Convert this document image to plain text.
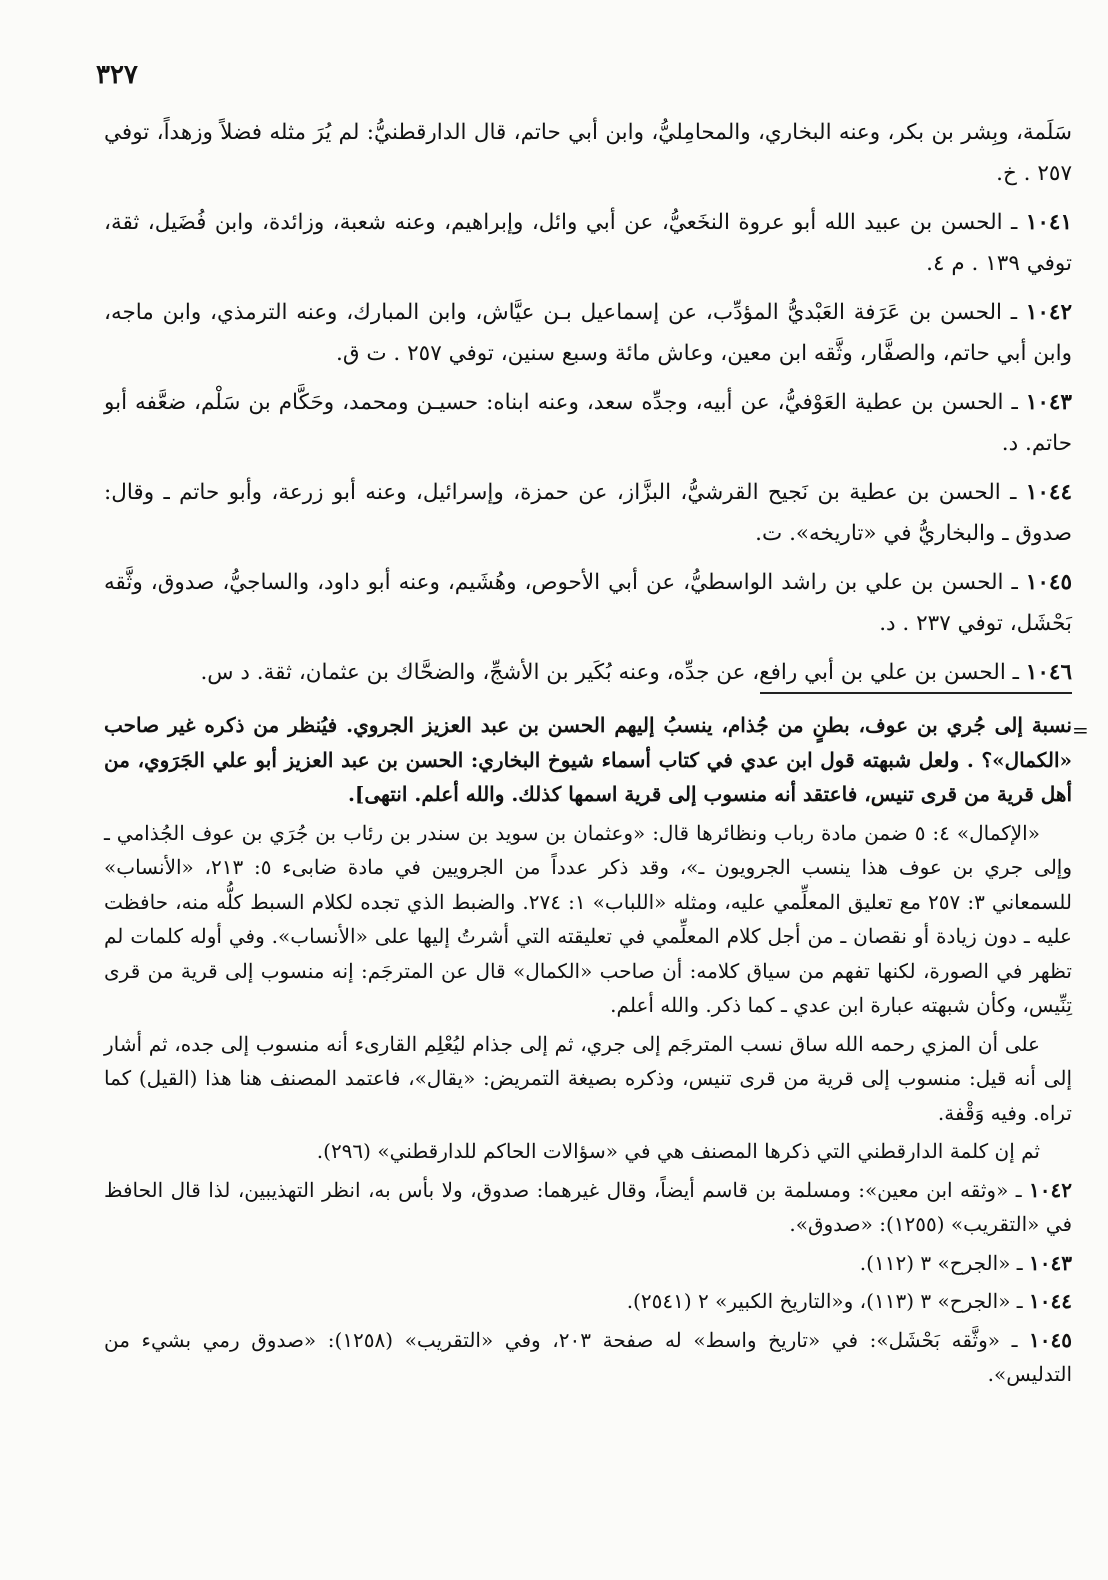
٣٢٧

سَلَمة، وبِشر بن بكر، وعنه البخاري، والمحامِليُّ، وابن أبي حاتم، قال الدارقطنيُّ: لم يُرَ مثله فضلاً وزهداً، توفي ٢٥٧ . خ.

١٠٤١ ـ الحسن بن عبيد الله أبو عروة النخَعيُّ، عن أبي وائل، وإبراهيم، وعنه شعبة، وزائدة، وابن فُضَيل، ثقة، توفي ١٣٩ . م ٤.

١٠٤٢ ـ الحسن بن عَرَفة العَبْديُّ المؤدِّب، عن إسماعيل بـن عيَّاش، وابن المبارك، وعنه الترمذي، وابن ماجه، وابن أبي حاتم، والصفَّار، وثَّقه ابن معين، وعاش مائة وسبع سنين، توفي ٢٥٧ . ت ق.

١٠٤٣ ـ الحسن بن عطية العَوْفيُّ، عن أبيه، وجدِّه سعد، وعنه ابناه: حسيـن ومحمد، وحَكَّام بن سَلْم، ضعَّفه أبو حاتم. د.

١٠٤٤ ـ الحسن بن عطية بن نَجيح القرشيُّ، البزَّاز، عن حمزة، وإسرائيل، وعنه أبو زرعة، وأبو حاتم ـ وقال: صدوق ـ والبخاريُّ في «تاريخه». ت.

١٠٤٥ ـ الحسن بن علي بن راشد الواسطيُّ، عن أبي الأحوص، وهُشَيم، وعنه أبو داود، والساجيُّ، صدوق، وثَّقه بَحْشَل، توفي ٢٣٧ . د.

١٠٤٦ ـ الحسن بن علي بن أبي رافع، عن جدِّه، وعنه بُكَير بن الأشجِّ، والضحَّاك بن عثمان، ثقة. د س.

=

نسبة إلى جُري بن عوف، بطنٍ من جُذام، ينسبُ إليهم الحسن بن عبد العزيز الجروي. فيُنظر من ذكره غير صاحب «الكمال»؟ . ولعل شبهته قول ابن عدي في كتاب أسماء شيوخ البخاري: الحسن بن عبد العزيز أبو علي الجَرَوي، من أهل قرية من قرى تنيس، فاعتقد أنه منسوب إلى قرية اسمها كذلك. والله أعلم. انتهى].

«الإكمال» ٤: ٥ ضمن مادة رباب ونظائرها قال: «وعثمان بن سويد بن سندر بن رئاب بن جُرَي بن عوف الجُذامي ـ وإلى جري بن عوف هذا ينسب الجرويون ـ»، وقد ذكر عدداً من الجرويين في مادة ضابىء ٥: ٢١٣، «الأنساب» للسمعاني ٣: ٢٥٧ مع تعليق المعلِّمي عليه، ومثله «اللباب» ١: ٢٧٤. والضبط الذي تجده لكلام السبط كلُّه منه، حافظت عليه ـ دون زيادة أو نقصان ـ من أجل كلام المعلِّمي في تعليقته التي أشرتُ إليها على «الأنساب». وفي أوله كلمات لم تظهر في الصورة، لكنها تفهم من سياق كلامه: أن صاحب «الكمال» قال عن المترجَم: إنه منسوب إلى قرية من قرى تِنِّيس، وكأن شبهته عبارة ابن عدي ـ كما ذكر. والله أعلم.

على أن المزي رحمه الله ساق نسب المترجَم إلى جري، ثم إلى جذام ليُعْلِم القارىء أنه منسوب إلى جده، ثم أشار إلى أنه قيل: منسوب إلى قرية من قرى تنيس، وذكره بصيغة التمريض: «يقال»، فاعتمد المصنف هنا هذا (القيل) كما تراه. وفيه وَقْفة.

ثم إن كلمة الدارقطني التي ذكرها المصنف هي في «سؤالات الحاكم للدارقطني» (٢٩٦).

١٠٤٢ ـ «وثقه ابن معين»: ومسلمة بن قاسم أيضاً، وقال غيرهما: صدوق، ولا بأس به، انظر التهذيبين، لذا قال الحافظ في «التقريب» (١٢٥٥): «صدوق».

١٠٤٣ ـ «الجرح» ٣ (١١٢).

١٠٤٤ ـ «الجرح» ٣ (١١٣)، و«التاريخ الكبير» ٢ (٢٥٤١).

١٠٤٥ ـ «وثَّقه بَحْشَل»: في «تاريخ واسط» له صفحة ٢٠٣، وفي «التقريب» (١٢٥٨): «صدوق رمي بشيء من التدليس».
